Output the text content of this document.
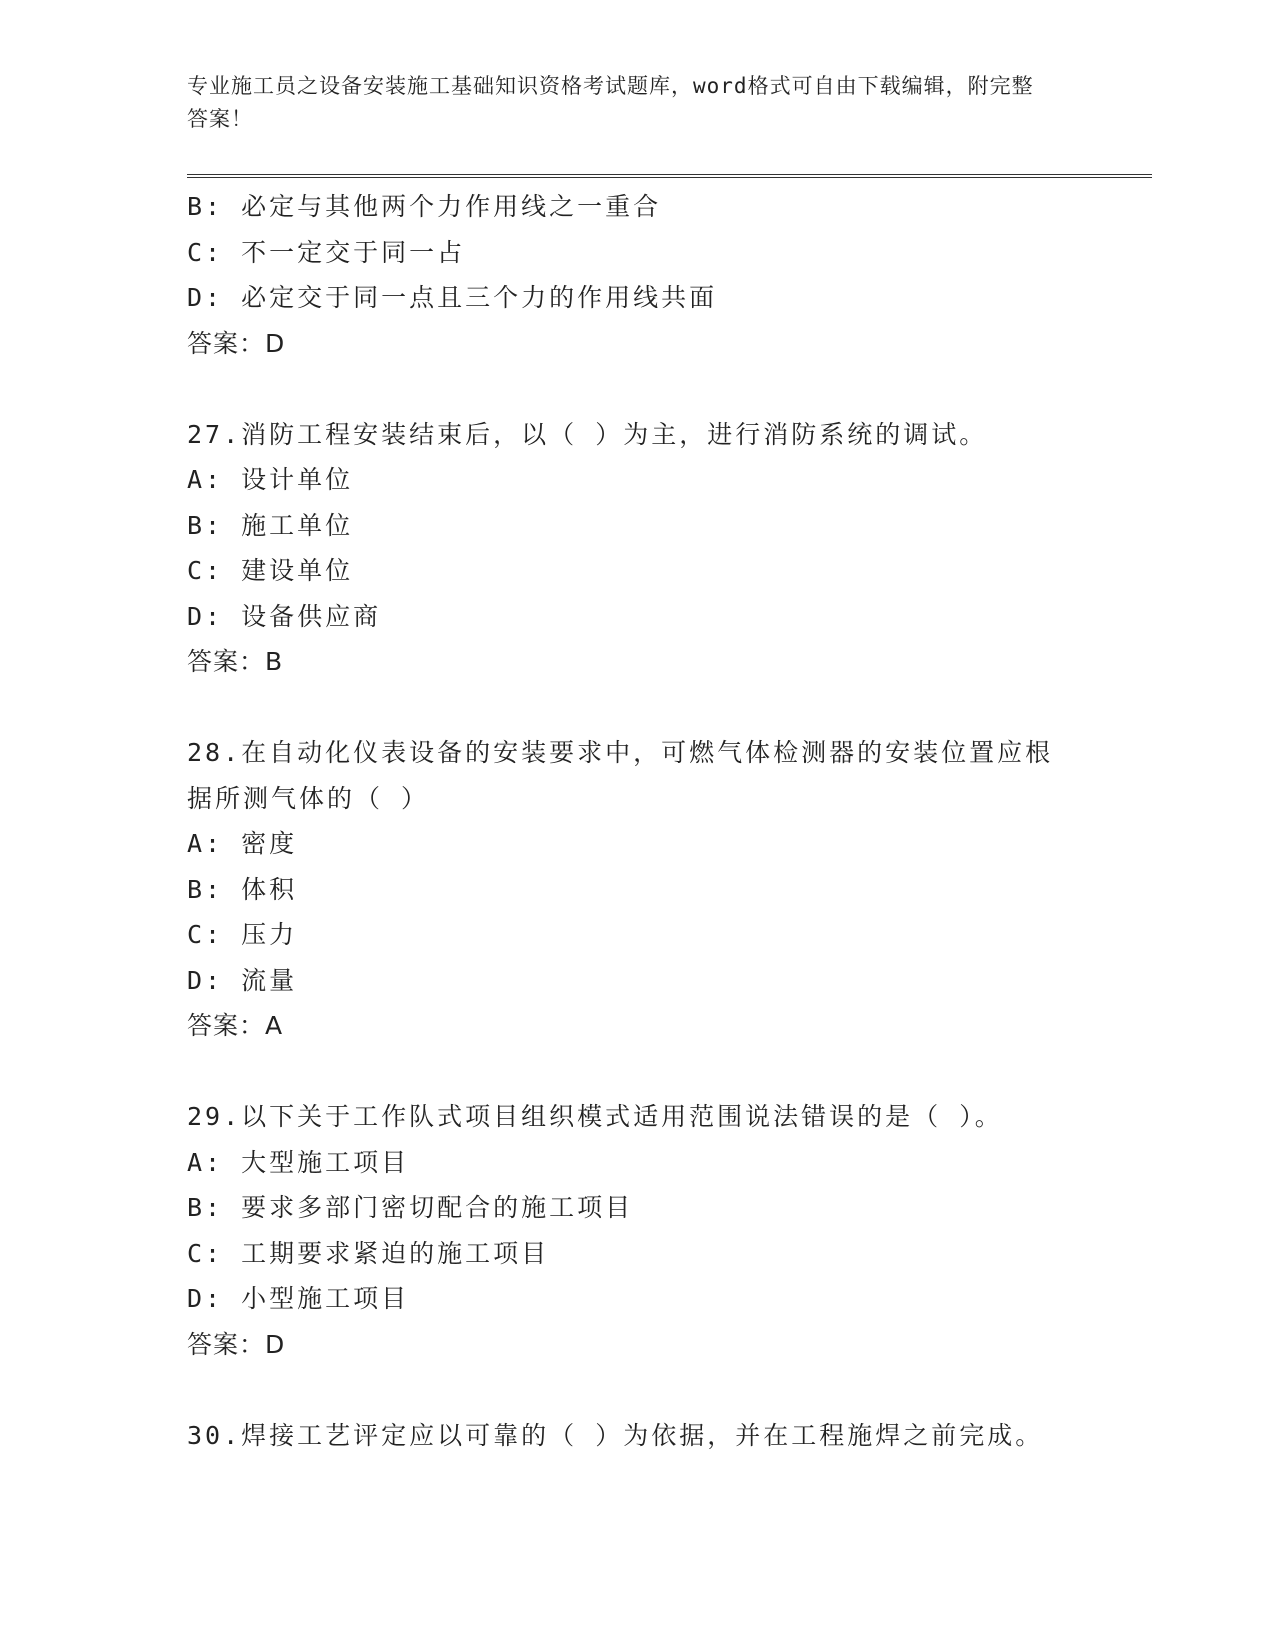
专业施工员之设备安装施工基础知识资格考试题库，word格式可自由下载编辑，附完整答案！
B: 必定与其他两个力作用线之一重合
C: 不一定交于同一占
D: 必定交于同一点且三个力的作用线共面
答案：D
27.消防工程安装结束后，以（ ）为主，进行消防系统的调试。
A: 设计单位
B: 施工单位
C: 建设单位
D: 设备供应商
答案：B
28.在自动化仪表设备的安装要求中，可燃气体检测器的安装位置应根据所测气体的（ ）
A: 密度
B: 体积
C: 压力
D: 流量
答案：A
29.以下关于工作队式项目组织模式适用范围说法错误的是（ ）。
A: 大型施工项目
B: 要求多部门密切配合的施工项目
C: 工期要求紧迫的施工项目
D: 小型施工项目
答案：D
30.焊接工艺评定应以可靠的（ ）为依据，并在工程施焊之前完成。
